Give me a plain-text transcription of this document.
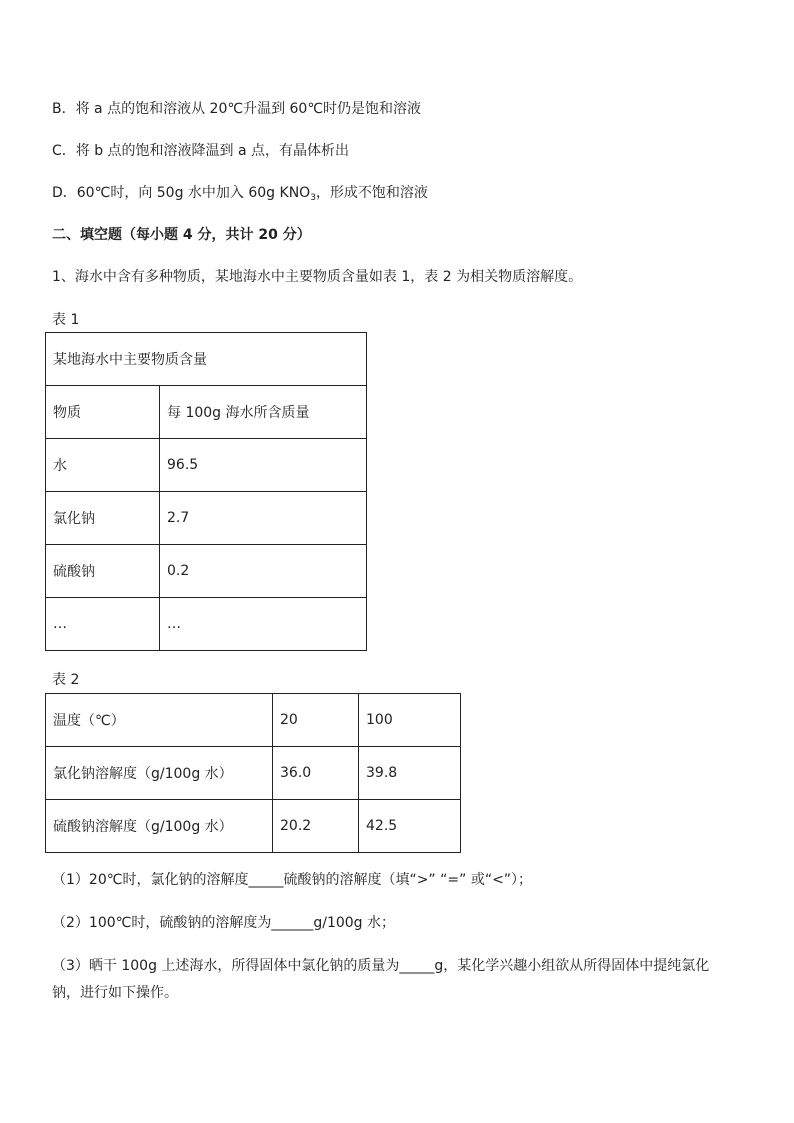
B．将 a 点的饱和溶液从 20℃升温到 60℃时仍是饱和溶液
C．将 b 点的饱和溶液降温到 a 点，有晶体析出
D．60℃时，向 50g 水中加入 60g $KNO_3$，形成不饱和溶液
二、填空题（每小题 4 分，共计 20 分）
1、海水中含有多种物质，某地海水中主要物质含量如表 1，表 2 为相关物质溶解度。
表 1
某地海水中主要物质含量	
物质	每 100g 海水所含质量
水	96.5
氯化钠	2.7
硫酸钠	0.2
…	…
表 2
温度（℃）	20	100
氯化钠溶解度（g/100g 水）	36.0	39.8
硫酸钠溶解度（g/100g 水）	20.2	42.5
（1）20℃时，氯化钠的溶解度_____硫酸钠的溶解度（填“>” “=” 或“<”）；
（2）100℃时，硫酸钠的溶解度为______g/100g 水；
（3）晒干 100g 上述海水，所得固体中氯化钠的质量为_____g，某化学兴趣小组欲从所得固体中提纯氯化
钠，进行如下操作。
